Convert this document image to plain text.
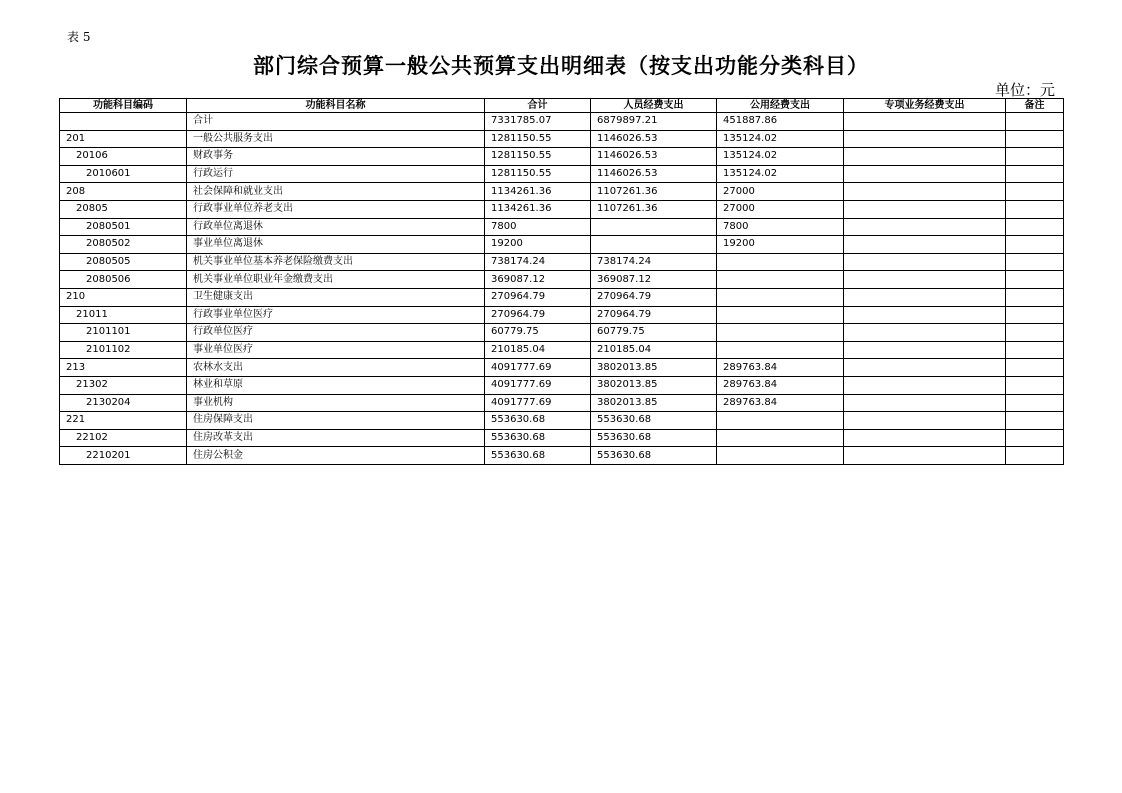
表 5
部门综合预算一般公共预算支出明细表（按支出功能分类科目）
单位：元
功能科目编码	功能科目名称	合计	人员经费支出	公用经费支出	专项业务经费支出	备注
	合计	7331785.07	6879897.21	451887.86		
201	一般公共服务支出	1281150.55	1146026.53	135124.02		
20106	财政事务	1281150.55	1146026.53	135124.02		
2010601	行政运行	1281150.55	1146026.53	135124.02		
208	社会保障和就业支出	1134261.36	1107261.36	27000		
20805	行政事业单位养老支出	1134261.36	1107261.36	27000		
2080501	行政单位离退休	7800		7800		
2080502	事业单位离退休	19200		19200		
2080505	机关事业单位基本养老保险缴费支出	738174.24	738174.24			
2080506	机关事业单位职业年金缴费支出	369087.12	369087.12			
210	卫生健康支出	270964.79	270964.79			
21011	行政事业单位医疗	270964.79	270964.79			
2101101	行政单位医疗	60779.75	60779.75			
2101102	事业单位医疗	210185.04	210185.04			
213	农林水支出	4091777.69	3802013.85	289763.84		
21302	林业和草原	4091777.69	3802013.85	289763.84		
2130204	事业机构	4091777.69	3802013.85	289763.84		
221	住房保障支出	553630.68	553630.68			
22102	住房改革支出	553630.68	553630.68			
2210201	住房公积金	553630.68	553630.68			
